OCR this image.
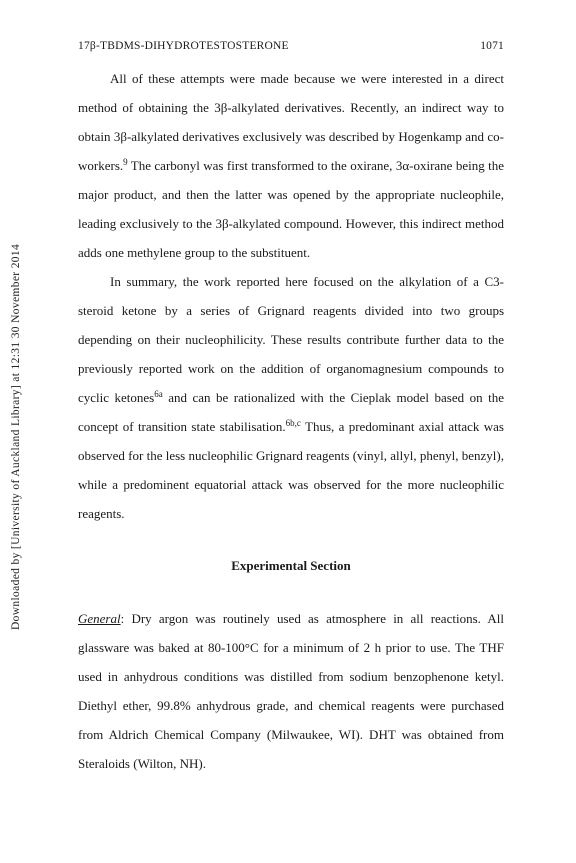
17β-TBDMS-DIHYDROTESTOSTERONE	1071
Downloaded by [University of Auckland Library] at 12:31 30 November 2014

All of these attempts were made because we were interested in a direct method of obtaining the 3β-alkylated derivatives. Recently, an indirect way to obtain 3β-alkylated derivatives exclusively was described by Hogenkamp and co-workers.$^9$ The carbonyl was first transformed to the oxirane, 3α-oxirane being the major product, and then the latter was opened by the appropriate nucleophile, leading exclusively to the 3β-alkylated compound. However, this indirect method adds one methylene group to the substituent.

In summary, the work reported here focused on the alkylation of a C3-steroid ketone by a series of Grignard reagents divided into two groups depending on their nucleophilicity. These results contribute further data to the previously reported work on the addition of organomagnesium compounds to cyclic ketones$^{6a}$ and can be rationalized with the Cieplak model based on the concept of transition state stabilisation.$^{6b,c}$ Thus, a predominant axial attack was observed for the less nucleophilic Grignard reagents (vinyl, allyl, phenyl, benzyl), while a predominent equatorial attack was observed for the more nucleophilic reagents.

Experimental Section

General: Dry argon was routinely used as atmosphere in all reactions. All glassware was baked at 80-100°C for a minimum of 2 h prior to use. The THF used in anhydrous conditions was distilled from sodium benzophenone ketyl. Diethyl ether, 99.8% anhydrous grade, and chemical reagents were purchased from Aldrich Chemical Company (Milwaukee, WI). DHT was obtained from Steraloids (Wilton, NH).
